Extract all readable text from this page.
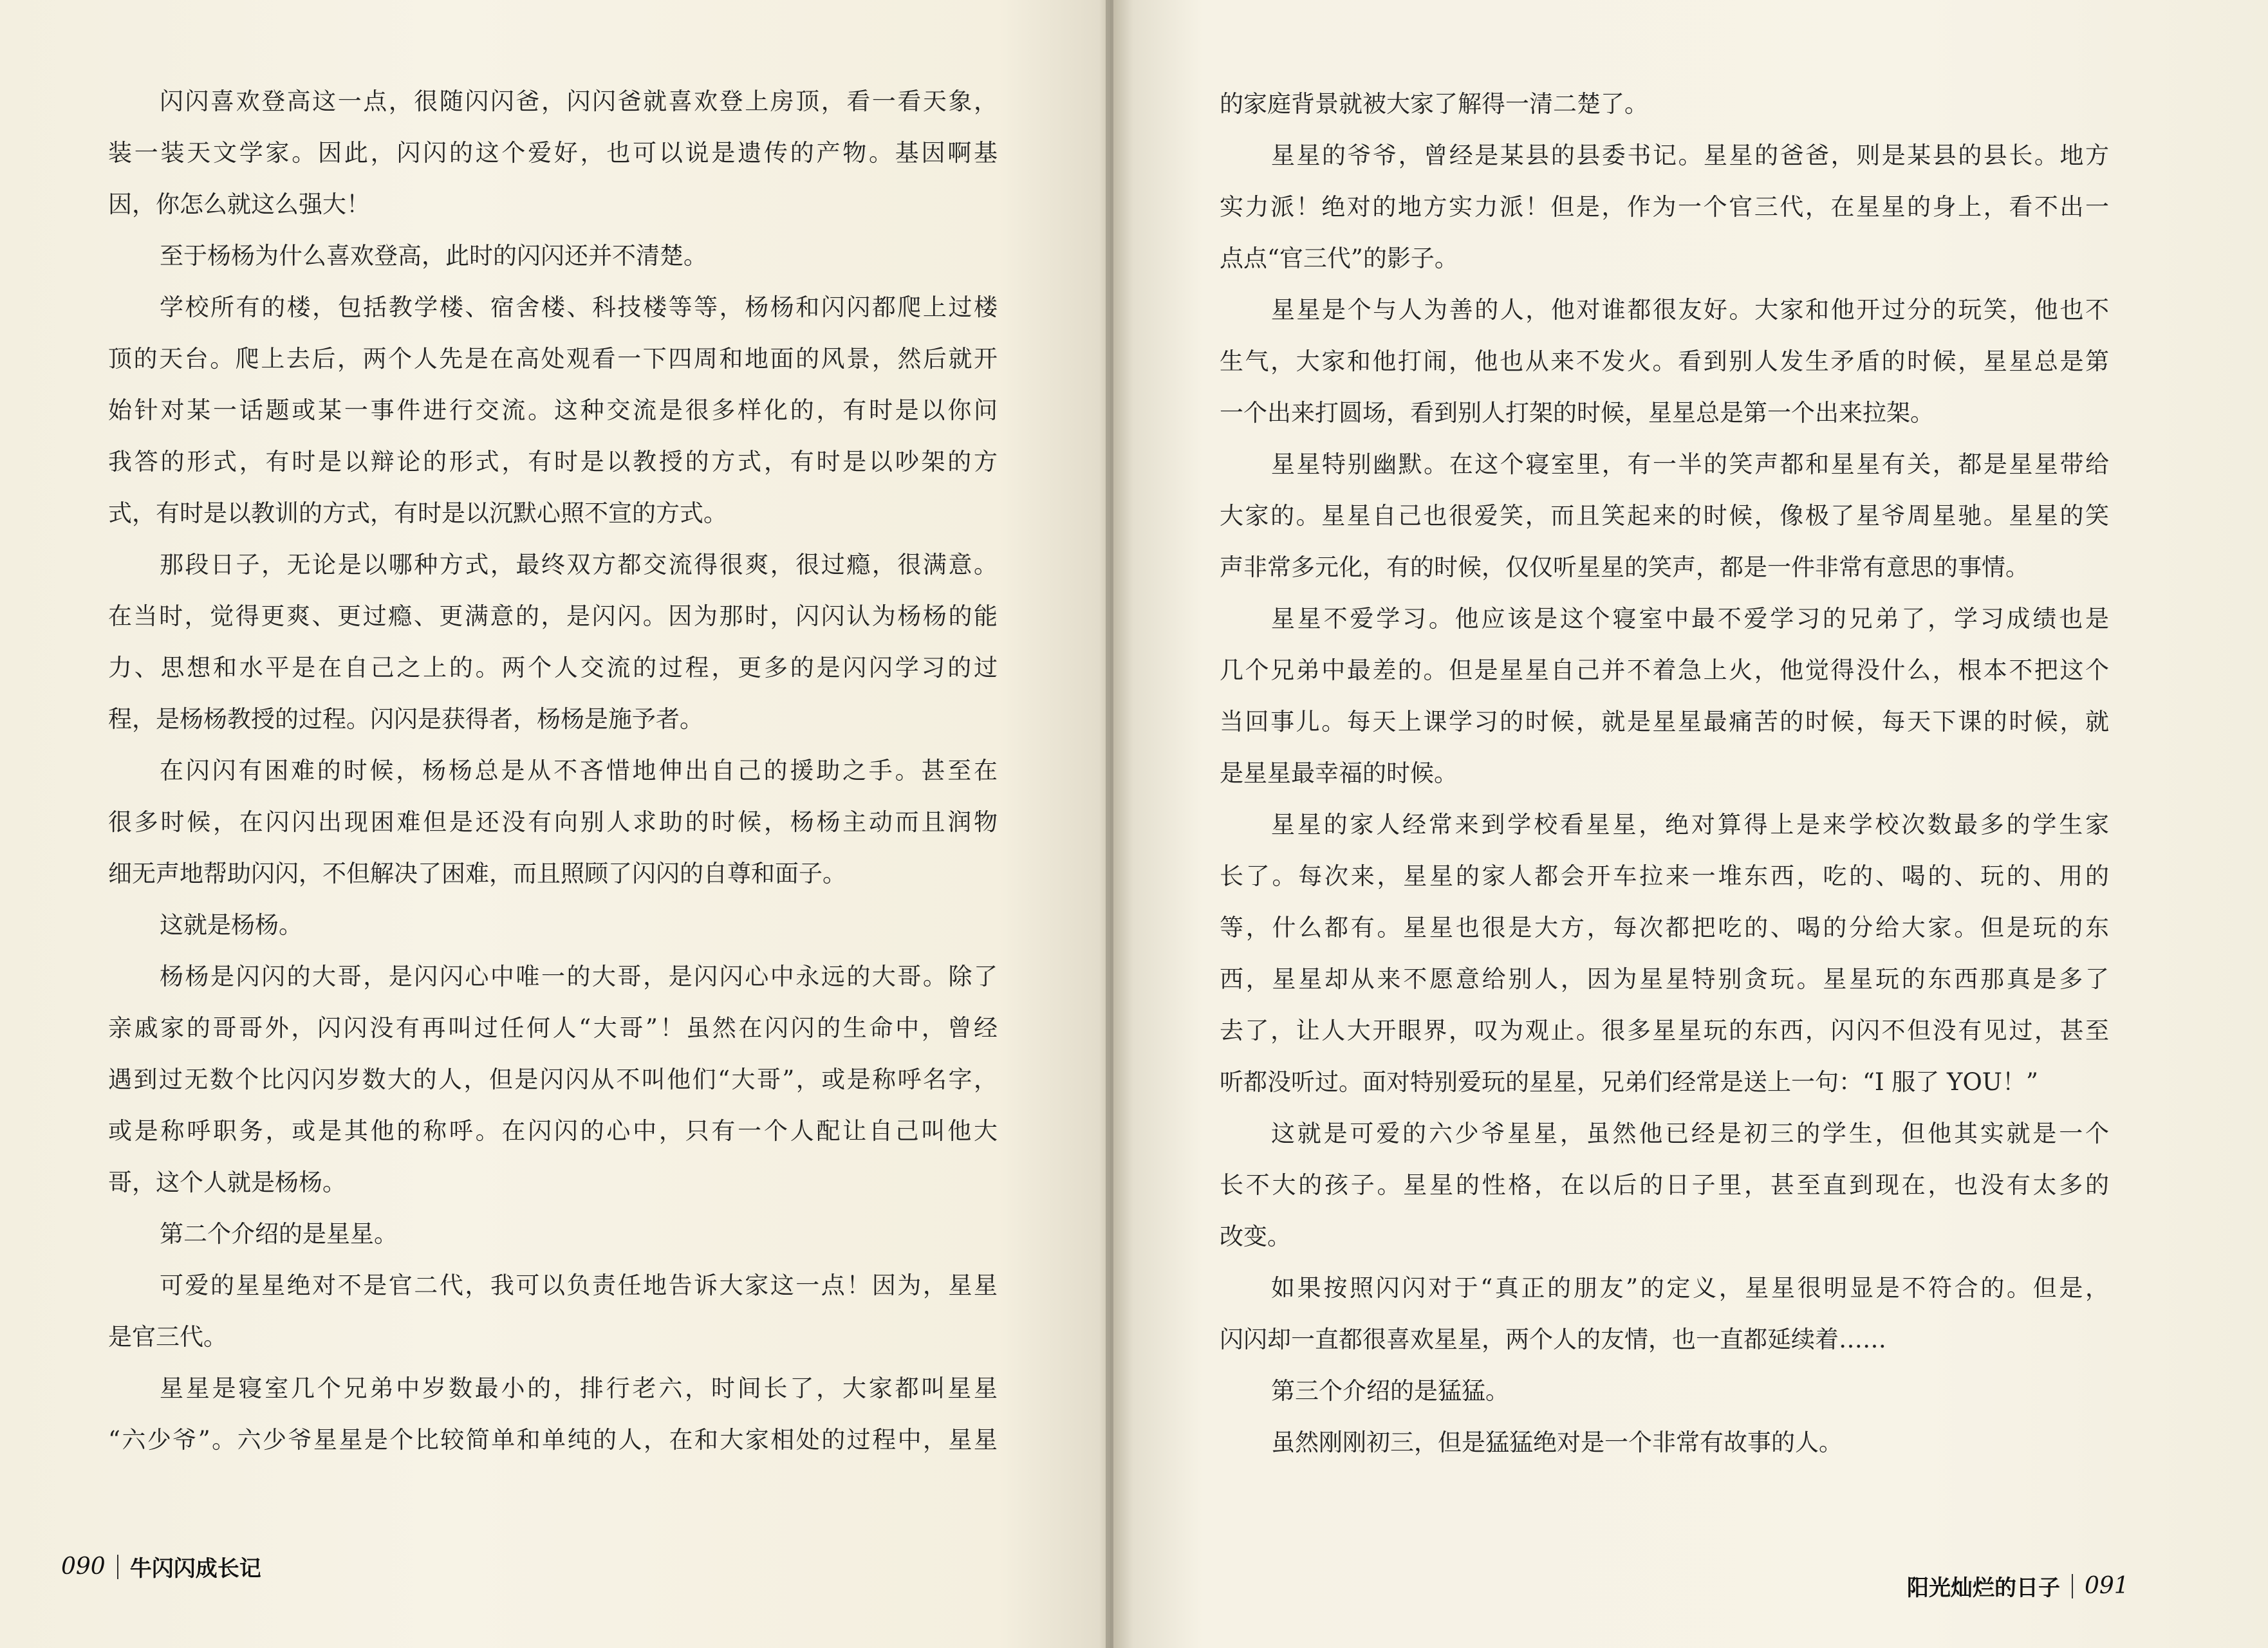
闪闪喜欢登高这一点，很随闪闪爸，闪闪爸就喜欢登上房顶，看一看天象，
装一装天文学家。因此，闪闪的这个爱好，也可以说是遗传的产物。基因啊基
因，你怎么就这么强大！
至于杨杨为什么喜欢登高，此时的闪闪还并不清楚。
学校所有的楼，包括教学楼、宿舍楼、科技楼等等，杨杨和闪闪都爬上过楼
顶的天台。爬上去后，两个人先是在高处观看一下四周和地面的风景，然后就开
始针对某一话题或某一事件进行交流。这种交流是很多样化的，有时是以你问
我答的形式，有时是以辩论的形式，有时是以教授的方式，有时是以吵架的方
式，有时是以教训的方式，有时是以沉默心照不宣的方式。
那段日子，无论是以哪种方式，最终双方都交流得很爽，很过瘾，很满意。
在当时，觉得更爽、更过瘾、更满意的，是闪闪。因为那时，闪闪认为杨杨的能
力、思想和水平是在自己之上的。两个人交流的过程，更多的是闪闪学习的过
程，是杨杨教授的过程。闪闪是获得者，杨杨是施予者。
在闪闪有困难的时候，杨杨总是从不吝惜地伸出自己的援助之手。甚至在
很多时候，在闪闪出现困难但是还没有向别人求助的时候，杨杨主动而且润物
细无声地帮助闪闪，不但解决了困难，而且照顾了闪闪的自尊和面子。
这就是杨杨。
杨杨是闪闪的大哥，是闪闪心中唯一的大哥，是闪闪心中永远的大哥。除了
亲戚家的哥哥外，闪闪没有再叫过任何人“大哥”！虽然在闪闪的生命中，曾经
遇到过无数个比闪闪岁数大的人，但是闪闪从不叫他们“大哥”，或是称呼名字，
或是称呼职务，或是其他的称呼。在闪闪的心中，只有一个人配让自己叫他大
哥，这个人就是杨杨。
第二个介绍的是星星。
可爱的星星绝对不是官二代，我可以负责任地告诉大家这一点！因为，星星
是官三代。
星星是寝室几个兄弟中岁数最小的，排行老六，时间长了，大家都叫星星
“六少爷”。六少爷星星是个比较简单和单纯的人，在和大家相处的过程中，星星
090 牛闪闪成长记
的家庭背景就被大家了解得一清二楚了。
星星的爷爷，曾经是某县的县委书记。星星的爸爸，则是某县的县长。地方
实力派！绝对的地方实力派！但是，作为一个官三代，在星星的身上，看不出一
点点“官三代”的影子。
星星是个与人为善的人，他对谁都很友好。大家和他开过分的玩笑，他也不
生气，大家和他打闹，他也从来不发火。看到别人发生矛盾的时候，星星总是第
一个出来打圆场，看到别人打架的时候，星星总是第一个出来拉架。
星星特别幽默。在这个寝室里，有一半的笑声都和星星有关，都是星星带给
大家的。星星自己也很爱笑，而且笑起来的时候，像极了星爷周星驰。星星的笑
声非常多元化，有的时候，仅仅听星星的笑声，都是一件非常有意思的事情。
星星不爱学习。他应该是这个寝室中最不爱学习的兄弟了，学习成绩也是
几个兄弟中最差的。但是星星自己并不着急上火，他觉得没什么，根本不把这个
当回事儿。每天上课学习的时候，就是星星最痛苦的时候，每天下课的时候，就
是星星最幸福的时候。
星星的家人经常来到学校看星星，绝对算得上是来学校次数最多的学生家
长了。每次来，星星的家人都会开车拉来一堆东西，吃的、喝的、玩的、用的
等，什么都有。星星也很是大方，每次都把吃的、喝的分给大家。但是玩的东
西，星星却从来不愿意给别人，因为星星特别贪玩。星星玩的东西那真是多了
去了，让人大开眼界，叹为观止。很多星星玩的东西，闪闪不但没有见过，甚至
听都没听过。面对特别爱玩的星星，兄弟们经常是送上一句：“I 服了 YOU！”
这就是可爱的六少爷星星，虽然他已经是初三的学生，但他其实就是一个
长不大的孩子。星星的性格，在以后的日子里，甚至直到现在，也没有太多的
改变。
如果按照闪闪对于“真正的朋友”的定义，星星很明显是不符合的。但是，
闪闪却一直都很喜欢星星，两个人的友情，也一直都延续着……
第三个介绍的是猛猛。
虽然刚刚初三，但是猛猛绝对是一个非常有故事的人。
阳光灿烂的日子 091
